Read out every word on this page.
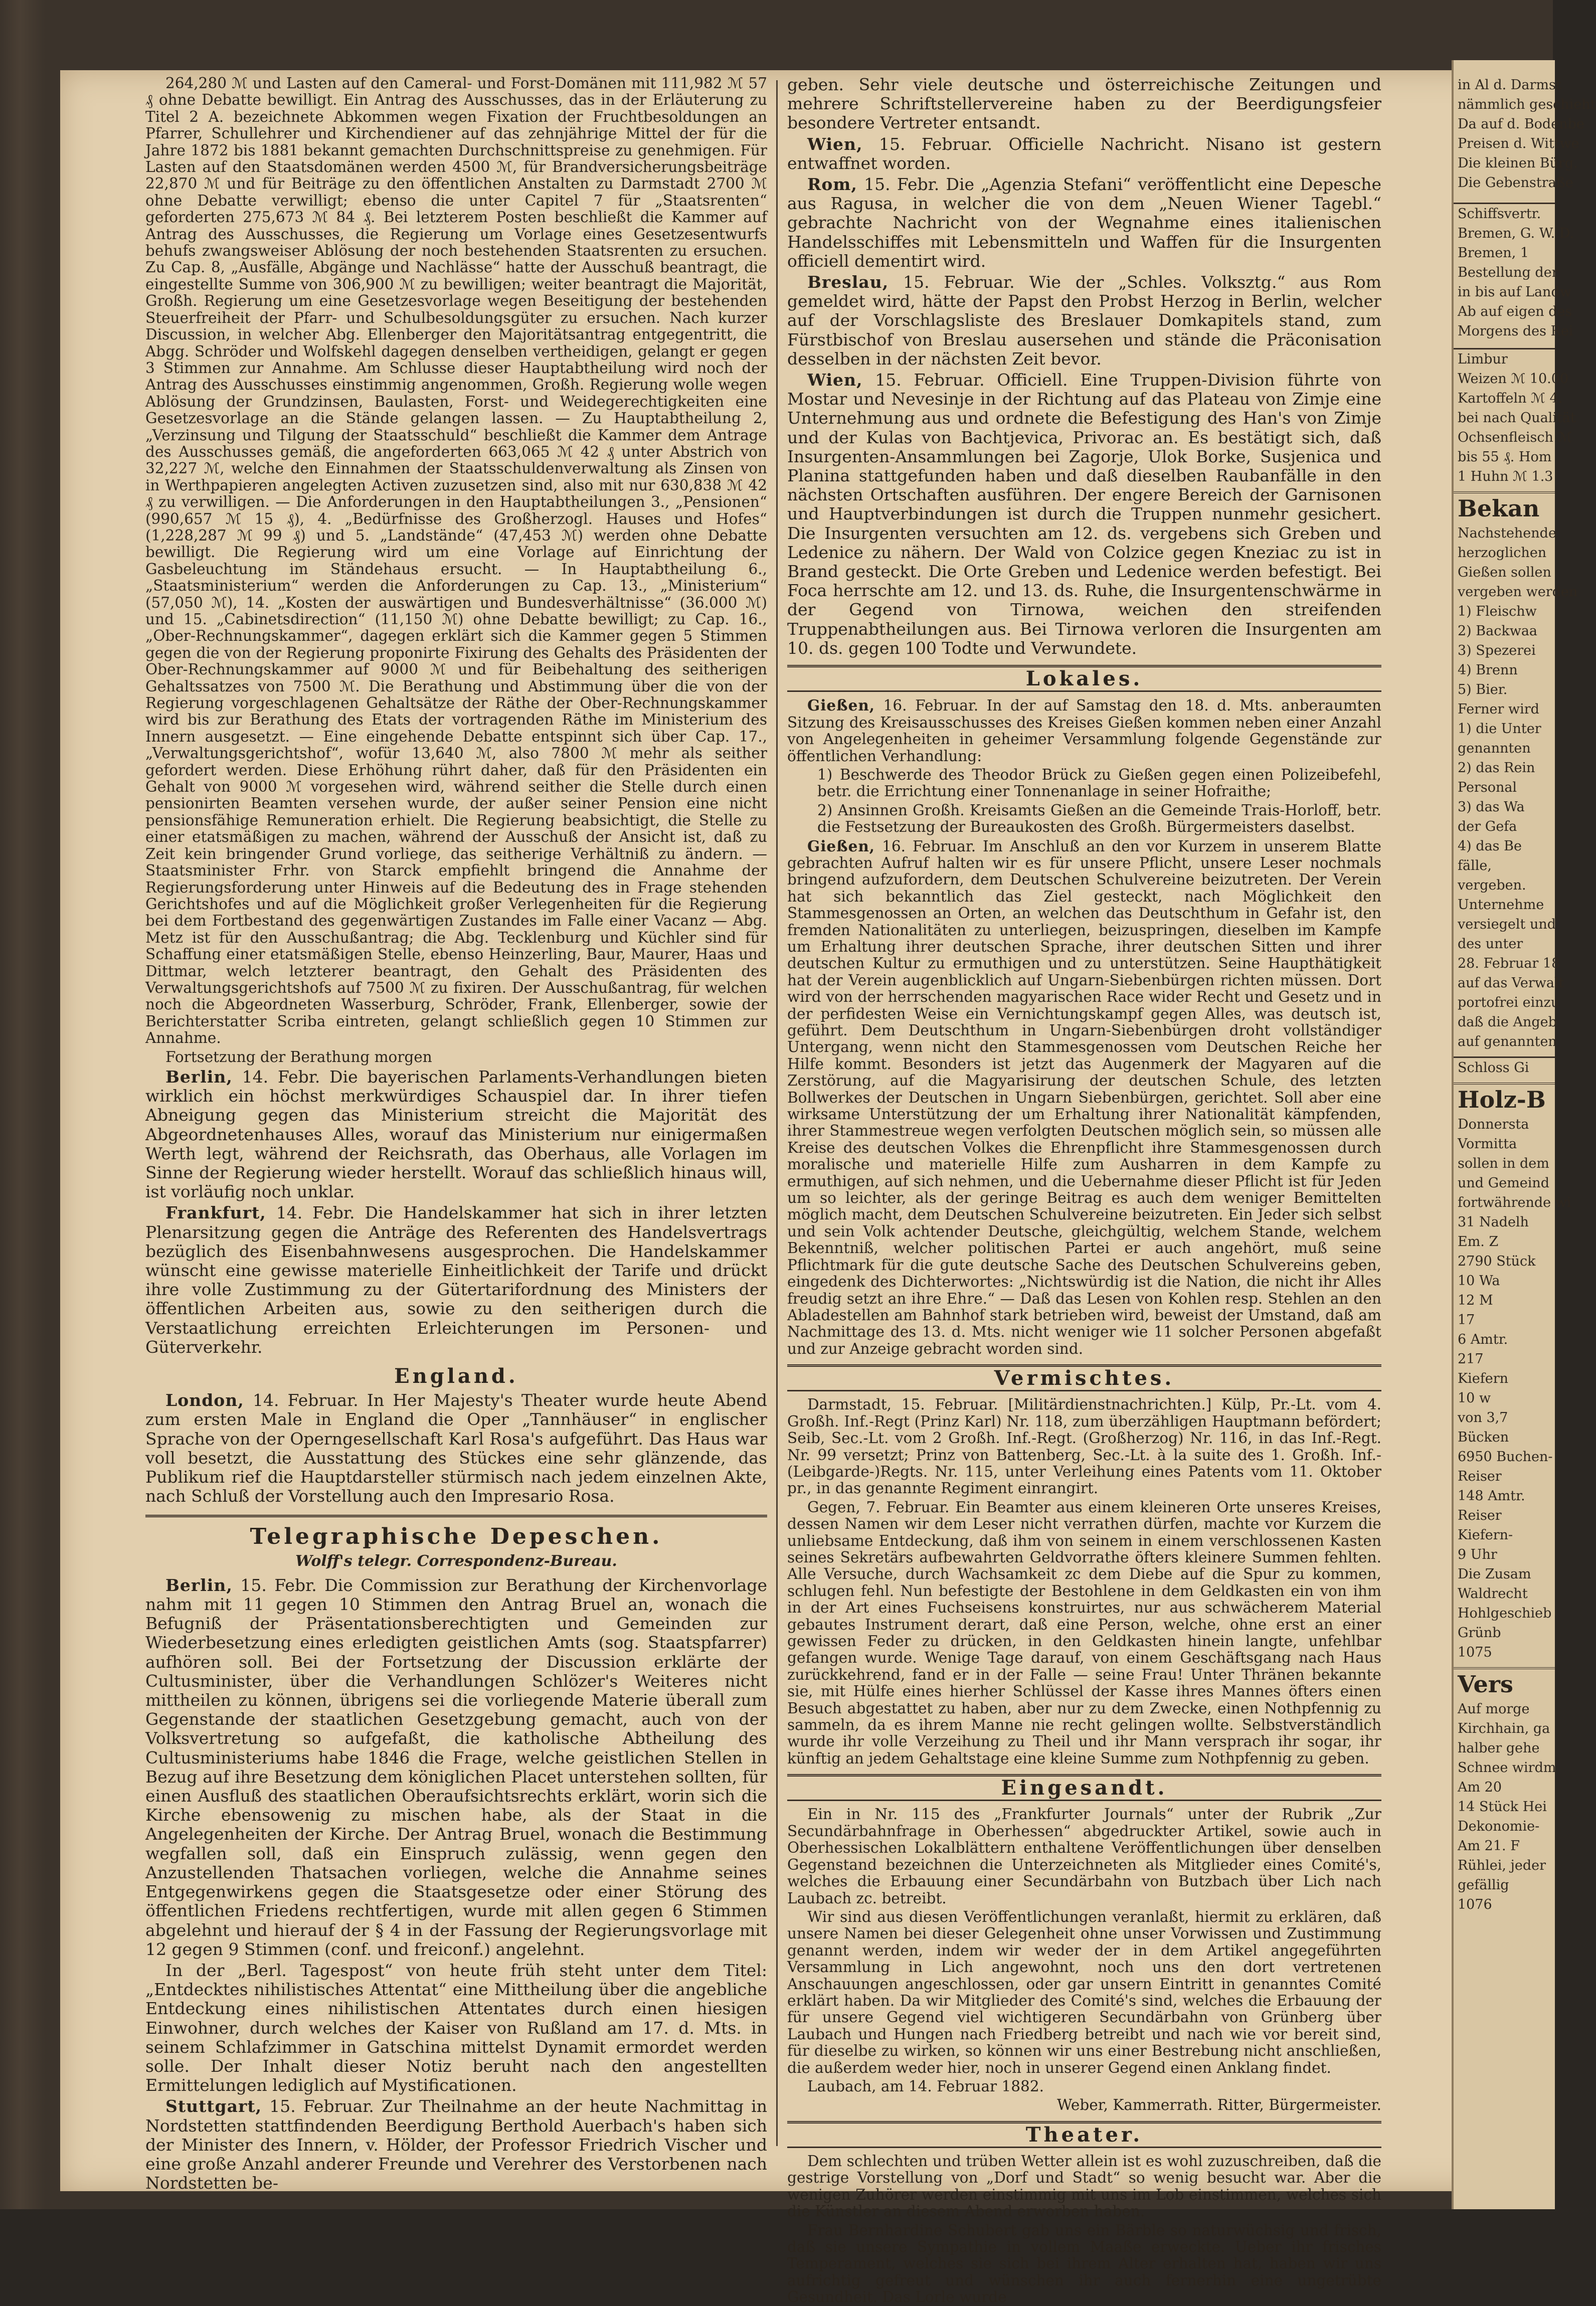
264,280 ℳ und Lasten auf den Cameral- und Forst-Domänen mit 111,982 ℳ 57 ₰ ohne Debatte bewilligt. Ein Antrag des Ausschusses, das in der Erläuterung zu Titel 2 A. bezeichnete Abkommen wegen Fixation der Fruchtbesoldungen an Pfarrer, Schullehrer und Kirchendiener auf das zehnjährige Mittel der für die Jahre 1872 bis 1881 bekannt gemachten Durchschnittspreise zu genehmigen. Für Lasten auf den Staatsdomänen werden 4500 ℳ, für Brandversicherungsbeiträge 22,870 ℳ und für Beiträge zu den öffentlichen Anstalten zu Darmstadt 2700 ℳ ohne Debatte verwilligt; ebenso die unter Capitel 7 für „Staatsrenten“ geforderten 275,673 ℳ 84 ₰. Bei letzterem Posten beschließt die Kammer auf Antrag des Ausschusses, die Regierung um Vorlage eines Gesetzesentwurfs behufs zwangsweiser Ablösung der noch bestehenden Staatsrenten zu ersuchen. Zu Cap. 8, „Ausfälle, Abgänge und Nachlässe“ hatte der Ausschuß beantragt, die eingestellte Summe von 306,900 ℳ zu bewilligen; weiter beantragt die Majorität, Großh. Regierung um eine Gesetzesvorlage wegen Beseitigung der bestehenden Steuerfreiheit der Pfarr- und Schulbesoldungsgüter zu ersuchen. Nach kurzer Discussion, in welcher Abg. Ellenberger den Majoritätsantrag entgegentritt, die Abgg. Schröder und Wolfskehl dagegen denselben vertheidigen, gelangt er gegen 3 Stimmen zur Annahme. Am Schlusse dieser Hauptabtheilung wird noch der Antrag des Ausschusses einstimmig angenommen, Großh. Regierung wolle wegen Ablösung der Grundzinsen, Baulasten, Forst- und Weidegerechtigkeiten eine Gesetzesvorlage an die Stände gelangen lassen. — Zu Hauptabtheilung 2, „Verzinsung und Tilgung der Staatsschuld“ beschließt die Kammer dem Antrage des Ausschusses gemäß, die angeforderten 663,065 ℳ 42 ₰ unter Abstrich von 32,227 ℳ, welche den Einnahmen der Staatsschuldenverwaltung als Zinsen von in Werthpapieren angelegten Activen zuzusetzen sind, also mit nur 630,838 ℳ 42 ₰ zu verwilligen. — Die Anforderungen in den Hauptabtheilungen 3., „Pensionen“ (990,657 ℳ 15 ₰), 4. „Bedürfnisse des Großherzogl. Hauses und Hofes“ (1,228,287 ℳ 99 ₰) und 5. „Landstände“ (47,453 ℳ) werden ohne Debatte bewilligt. Die Regierung wird um eine Vorlage auf Einrichtung der Gasbeleuchtung im Ständehaus ersucht. — In Hauptabtheilung 6., „Staatsministerium“ werden die Anforderungen zu Cap. 13., „Ministerium“ (57,050 ℳ), 14. „Kosten der auswärtigen und Bundesverhältnisse“ (36.000 ℳ) und 15. „Cabinetsdirection“ (11,150 ℳ) ohne Debatte bewilligt; zu Cap. 16., „Ober-Rechnungskammer“, dagegen erklärt sich die Kammer gegen 5 Stimmen gegen die von der Regierung proponirte Fixirung des Gehalts des Präsidenten der Ober-Rechnungskammer auf 9000 ℳ und für Beibehaltung des seitherigen Gehaltssatzes von 7500 ℳ. Die Berathung und Abstimmung über die von der Regierung vorgeschlagenen Gehaltsätze der Räthe der Ober-Rechnungskammer wird bis zur Berathung des Etats der vortragenden Räthe im Ministerium des Innern ausgesetzt. — Eine eingehende Debatte entspinnt sich über Cap. 17., „Verwaltungsgerichtshof“, wofür 13,640 ℳ, also 7800 ℳ mehr als seither gefordert werden. Diese Erhöhung rührt daher, daß für den Präsidenten ein Gehalt von 9000 ℳ vorgesehen wird, während seither die Stelle durch einen pensionirten Beamten versehen wurde, der außer seiner Pension eine nicht pensionsfähige Remuneration erhielt. Die Regierung beabsichtigt, die Stelle zu einer etatsmäßigen zu machen, während der Ausschuß der Ansicht ist, daß zu Zeit kein bringender Grund vorliege, das seitherige Verhältniß zu ändern. — Staatsminister Frhr. von Starck empfiehlt bringend die Annahme der Regierungsforderung unter Hinweis auf die Bedeutung des in Frage stehenden Gerichtshofes und auf die Möglichkeit großer Verlegenheiten für die Regierung bei dem Fortbestand des gegenwärtigen Zustandes im Falle einer Vacanz — Abg. Metz ist für den Ausschußantrag; die Abg. Tecklenburg und Küchler sind für Schaffung einer etatsmäßigen Stelle, ebenso Heinzerling, Baur, Maurer, Haas und Dittmar, welch letzterer beantragt, den Gehalt des Präsidenten des Verwaltungsgerichtshofs auf 7500 ℳ zu fixiren. Der Ausschußantrag, für welchen noch die Abgeordneten Wasserburg, Schröder, Frank, Ellenberger, sowie der Berichterstatter Scriba eintreten, gelangt schließlich gegen 10 Stimmen zur Annahme.

Fortsetzung der Berathung morgen

Berlin, 14. Febr. Die bayerischen Parlaments-Verhandlungen bieten wirklich ein höchst merkwürdiges Schauspiel dar. In ihrer tiefen Abneigung gegen das Ministerium streicht die Majorität des Abgeordnetenhauses Alles, worauf das Ministerium nur einigermaßen Werth legt, während der Reichsrath, das Oberhaus, alle Vorlagen im Sinne der Regierung wieder herstellt. Worauf das schließlich hinaus will, ist vorläufig noch unklar.

Frankfurt, 14. Febr. Die Handelskammer hat sich in ihrer letzten Plenarsitzung gegen die Anträge des Referenten des Handelsvertrags bezüglich des Eisenbahnwesens ausgesprochen. Die Handelskammer wünscht eine gewisse materielle Einheitlichkeit der Tarife und drückt ihre volle Zustimmung zu der Gütertarifordnung des Ministers der öffentlichen Arbeiten aus, sowie zu den seitherigen durch die Verstaatlichung erreichten Erleichterungen im Personen- und Güterverkehr.

England.

London, 14. Februar. In Her Majesty's Theater wurde heute Abend zum ersten Male in England die Oper „Tannhäuser“ in englischer Sprache von der Operngesellschaft Karl Rosa's aufgeführt. Das Haus war voll besetzt, die Ausstattung des Stückes eine sehr glänzende, das Publikum rief die Hauptdarsteller stürmisch nach jedem einzelnen Akte, nach Schluß der Vorstellung auch den Impresario Rosa.

Telegraphische Depeschen.
Wolff's telegr. Correspondenz-Bureau.

Berlin, 15. Febr. Die Commission zur Berathung der Kirchenvorlage nahm mit 11 gegen 10 Stimmen den Antrag Bruel an, wonach die Befugniß der Präsentationsberechtigten und Gemeinden zur Wiederbesetzung eines erledigten geistlichen Amts (sog. Staatspfarrer) aufhören soll. Bei der Fortsetzung der Discussion erklärte der Cultusminister, über die Verhandlungen Schlözer's Weiteres nicht mittheilen zu können, übrigens sei die vorliegende Materie überall zum Gegenstande der staatlichen Gesetzgebung gemacht, auch von der Volksvertretung so aufgefaßt, die katholische Abtheilung des Cultusministeriums habe 1846 die Frage, welche geistlichen Stellen in Bezug auf ihre Besetzung dem königlichen Placet unterstehen sollten, für einen Ausfluß des staatlichen Oberaufsichtsrechts erklärt, worin sich die Kirche ebensowenig zu mischen habe, als der Staat in die Angelegenheiten der Kirche. Der Antrag Bruel, wonach die Bestimmung wegfallen soll, daß ein Einspruch zulässig, wenn gegen den Anzustellenden Thatsachen vorliegen, welche die Annahme seines Entgegenwirkens gegen die Staatsgesetze oder einer Störung des öffentlichen Friedens rechtfertigen, wurde mit allen gegen 6 Stimmen abgelehnt und hierauf der § 4 in der Fassung der Regierungsvorlage mit 12 gegen 9 Stimmen (conf. und freiconf.) angelehnt.

In der „Berl. Tagespost“ von heute früh steht unter dem Titel: „Entdecktes nihilistisches Attentat“ eine Mittheilung über die angebliche Entdeckung eines nihilistischen Attentates durch einen hiesigen Einwohner, durch welches der Kaiser von Rußland am 17. d. Mts. in seinem Schlafzimmer in Gatschina mittelst Dynamit ermordet werden solle. Der Inhalt dieser Notiz beruht nach den angestellten Ermittelungen lediglich auf Mystificationen.

Stuttgart, 15. Februar. Zur Theilnahme an der heute Nachmittag in Nordstetten stattfindenden Beerdigung Berthold Auerbach's haben sich der Minister des Innern, v. Hölder, der Professor Friedrich Vischer und eine große Anzahl anderer Freunde und Verehrer des Verstorbenen nach Nordstetten be-

geben. Sehr viele deutsche und österreichische Zeitungen und mehrere Schriftstellervereine haben zu der Beerdigungsfeier besondere Vertreter entsandt.

Wien, 15. Februar. Officielle Nachricht. Nisano ist gestern entwaffnet worden.

Rom, 15. Febr. Die „Agenzia Stefani“ veröffentlicht eine Depesche aus Ragusa, in welcher die von dem „Neuen Wiener Tagebl.“ gebrachte Nachricht von der Wegnahme eines italienischen Handelsschiffes mit Lebensmitteln und Waffen für die Insurgenten officiell dementirt wird.

Breslau, 15. Februar. Wie der „Schles. Volksztg.“ aus Rom gemeldet wird, hätte der Papst den Probst Herzog in Berlin, welcher auf der Vorschlagsliste des Breslauer Domkapitels stand, zum Fürstbischof von Breslau ausersehen und stände die Präconisation desselben in der nächsten Zeit bevor.

Wien, 15. Februar. Officiell. Eine Truppen-Division führte von Mostar und Nevesinje in der Richtung auf das Plateau von Zimje eine Unternehmung aus und ordnete die Befestigung des Han's von Zimje und der Kulas von Bachtjevica, Privorac an. Es bestätigt sich, daß Insurgenten-Ansammlungen bei Zagorje, Ulok Borke, Susjenica und Planina stattgefunden haben und daß dieselben Raubanfälle in den nächsten Ortschaften ausführen. Der engere Bereich der Garnisonen und Hauptverbindungen ist durch die Truppen nunmehr gesichert. Die Insurgenten versuchten am 12. ds. vergebens sich Greben und Ledenice zu nähern. Der Wald von Colzice gegen Kneziac zu ist in Brand gesteckt. Die Orte Greben und Ledenice werden befestigt. Bei Foca herrschte am 12. und 13. ds. Ruhe, die Insurgentenschwärme in der Gegend von Tirnowa, weichen den streifenden Truppenabtheilungen aus. Bei Tirnowa verloren die Insurgenten am 10. ds. gegen 100 Todte und Verwundete.

Lokales.

Gießen, 16. Februar. In der auf Samstag den 18. d. Mts. anberaumten Sitzung des Kreisausschusses des Kreises Gießen kommen neben einer Anzahl von Angelegenheiten in geheimer Versammlung folgende Gegenstände zur öffentlichen Verhandlung:

1) Beschwerde des Theodor Brück zu Gießen gegen einen Polizeibefehl, betr. die Errichtung einer Tonnenanlage in seiner Hofraithe;

2) Ansinnen Großh. Kreisamts Gießen an die Gemeinde Trais-Horloff, betr. die Festsetzung der Bureaukosten des Großh. Bürgermeisters daselbst.

Gießen, 16. Februar. Im Anschluß an den vor Kurzem in unserem Blatte gebrachten Aufruf halten wir es für unsere Pflicht, unsere Leser nochmals bringend aufzufordern, dem Deutschen Schulvereine beizutreten. Der Verein hat sich bekanntlich das Ziel gesteckt, nach Möglichkeit den Stammesgenossen an Orten, an welchen das Deutschthum in Gefahr ist, den fremden Nationalitäten zu unterliegen, beizuspringen, dieselben im Kampfe um Erhaltung ihrer deutschen Sprache, ihrer deutschen Sitten und ihrer deutschen Kultur zu ermuthigen und zu unterstützen. Seine Haupthätigkeit hat der Verein augenblicklich auf Ungarn-Siebenbürgen richten müssen. Dort wird von der herrschenden magyarischen Race wider Recht und Gesetz und in der perfidesten Weise ein Vernichtungskampf gegen Alles, was deutsch ist, geführt. Dem Deutschthum in Ungarn-Siebenbürgen droht vollständiger Untergang, wenn nicht den Stammesgenossen vom Deutschen Reiche her Hilfe kommt. Besonders ist jetzt das Augenmerk der Magyaren auf die Zerstörung, auf die Magyarisirung der deutschen Schule, des letzten Bollwerkes der Deutschen in Ungarn Siebenbürgen, gerichtet. Soll aber eine wirksame Unterstützung der um Erhaltung ihrer Nationalität kämpfenden, ihrer Stammestreue wegen verfolgten Deutschen möglich sein, so müssen alle Kreise des deutschen Volkes die Ehrenpflicht ihre Stammesgenossen durch moralische und materielle Hilfe zum Ausharren in dem Kampfe zu ermuthigen, auf sich nehmen, und die Uebernahme dieser Pflicht ist für Jeden um so leichter, als der geringe Beitrag es auch dem weniger Bemittelten möglich macht, dem Deutschen Schulvereine beizutreten. Ein Jeder sich selbst und sein Volk achtender Deutsche, gleichgültig, welchem Stande, welchem Bekenntniß, welcher politischen Partei er auch angehört, muß seine Pflichtmark für die gute deutsche Sache des Deutschen Schulvereins geben, eingedenk des Dichterwortes: „Nichtswürdig ist die Nation, die nicht ihr Alles freudig setzt an ihre Ehre.“ — Daß das Lesen von Kohlen resp. Stehlen an den Abladestellen am Bahnhof stark betrieben wird, beweist der Umstand, daß am Nachmittage des 13. d. Mts. nicht weniger wie 11 solcher Personen abgefaßt und zur Anzeige gebracht worden sind.

Vermischtes.

Darmstadt, 15. Februar. [Militärdienstnachrichten.] Külp, Pr.-Lt. vom 4. Großh. Inf.-Regt (Prinz Karl) Nr. 118, zum überzähligen Hauptmann befördert; Seib, Sec.-Lt. vom 2 Großh. Inf.-Regt. (Großherzog) Nr. 116, in das Inf.-Regt. Nr. 99 versetzt; Prinz von Battenberg, Sec.-Lt. à la suite des 1. Großh. Inf.-(Leibgarde-)Regts. Nr. 115, unter Verleihung eines Patents vom 11. Oktober pr., in das genannte Regiment einrangirt.

Gegen, 7. Februar. Ein Beamter aus einem kleineren Orte unseres Kreises, dessen Namen wir dem Leser nicht verrathen dürfen, machte vor Kurzem die unliebsame Entdeckung, daß ihm von seinem in einem verschlossenen Kasten seines Sekretärs aufbewahrten Geldvorrathe öfters kleinere Summen fehlten. Alle Versuche, durch Wachsamkeit zc dem Diebe auf die Spur zu kommen, schlugen fehl. Nun befestigte der Bestohlene in dem Geldkasten ein von ihm in der Art eines Fuchseisens konstruirtes, nur aus schwächerem Material gebautes Instrument derart, daß eine Person, welche, ohne erst an einer gewissen Feder zu drücken, in den Geldkasten hinein langte, unfehlbar gefangen wurde. Wenige Tage darauf, von einem Geschäftsgang nach Haus zurückkehrend, fand er in der Falle — seine Frau! Unter Thränen bekannte sie, mit Hülfe eines hierher Schlüssel der Kasse ihres Mannes öfters einen Besuch abgestattet zu haben, aber nur zu dem Zwecke, einen Nothpfennig zu sammeln, da es ihrem Manne nie recht gelingen wollte. Selbstverständlich wurde ihr volle Verzeihung zu Theil und ihr Mann versprach ihr sogar, ihr künftig an jedem Gehaltstage eine kleine Summe zum Nothpfennig zu geben.

Eingesandt.

Ein in Nr. 115 des „Frankfurter Journals“ unter der Rubrik „Zur Secundärbahnfrage in Oberhessen“ abgedruckter Artikel, sowie auch in Oberhessischen Lokalblättern enthaltene Veröffentlichungen über denselben Gegenstand bezeichnen die Unterzeichneten als Mitglieder eines Comité's, welches die Erbauung einer Secundärbahn von Butzbach über Lich nach Laubach zc. betreibt.

Wir sind aus diesen Veröffentlichungen veranlaßt, hiermit zu erklären, daß unsere Namen bei dieser Gelegenheit ohne unser Vorwissen und Zustimmung genannt werden, indem wir weder der in dem Artikel angegeführten Versammlung in Lich angewohnt, noch uns den dort vertretenen Anschauungen angeschlossen, oder gar unsern Eintritt in genanntes Comité erklärt haben. Da wir Mitglieder des Comité's sind, welches die Erbauung der für unsere Gegend viel wichtigeren Secundärbahn von Grünberg über Laubach und Hungen nach Friedberg betreibt und nach wie vor bereit sind, für dieselbe zu wirken, so können wir uns einer Bestrebung nicht anschließen, die außerdem weder hier, noch in unserer Gegend einen Anklang findet.

Laubach, am 14. Februar 1882.

Weber, Kammerrath. Ritter, Bürgermeister.

Theater.

Dem schlechten und trüben Wetter allein ist es wohl zuzuschreiben, daß die gestrige Vorstellung von „Dorf und Stadt“ so wenig besucht war. Aber die wenigen Zuhörer werden einstimmig mit uns im Lob einstimmen, welches sich die Künstler an diesem Abend erworben haben.

Frau Bernhardine Schubert gab uns ein Bärble so naturwüchsig und frisch, daß sie unsere Sympathie in vollem Maaße erweckte. Ueber ihr frisches Temperament, welches sie sich bei ihrem Alter erhalten hat, haben wir uns aufrichtig gefreut und wünschen ihr auch fernerhin eine ungetrübte Gesundheit. Das Lorle wurde

in Al d. Darmst
nämmlich geschieht
Da auf d. Bodenbe
Preisen d. Wittwe
Die kleinen Bürg.
Die Gebenstraße
Schiffsvertr.
Bremen, G. W. D.
Bremen, 1
Bestellung der
in bis auf Landw
Ab auf eigen des
Morgens des Rei
Limbur
Weizen ℳ 10.00
Kartoffeln ℳ 4.
bei nach Qualität
Ochsenfleisch ℳ
bis 55 ₰. Hom
1 Huhn ℳ 1.3
Bekan
Nachstehende
herzoglichen
Gießen sollen
vergeben werden
1) Fleischw
2) Backwaa
3) Spezerei
4) Brenn
5) Bier.
Ferner wird
1) die Unter
genannten
2) das Rein
Personal
3) das Wa
der Gefa
4) das Be
fälle,
vergeben.
Unternehme
versiegelt und
des unter
28. Februar 18
auf das Verwalt
portofrei einzu
daß die Angeb
auf genannten
Schloss Gi
Holz-B
Donnersta
Vormitta
sollen in dem
und Gemeind
fortwährende wi
31 Nadelh
Em. Z
2790 Stück
10 Wa
12 M
17
6 Amtr.
217
Kiefern
10 w
von 3,7
Bücken
6950 Buchen-
Reiser
148 Amtr.
Reiser
Kiefern-
9 Uhr
Die Zusam
Waldrecht
Hohlgeschieb
Grünb
1075
Vers
Auf morge
Kirchhain, ga
halber gehe
Schnee wirdm
Am 20
14 Stück Hei
Dekonomie-
Am 21. F
Rühlei, jeder
gefällig
1076
